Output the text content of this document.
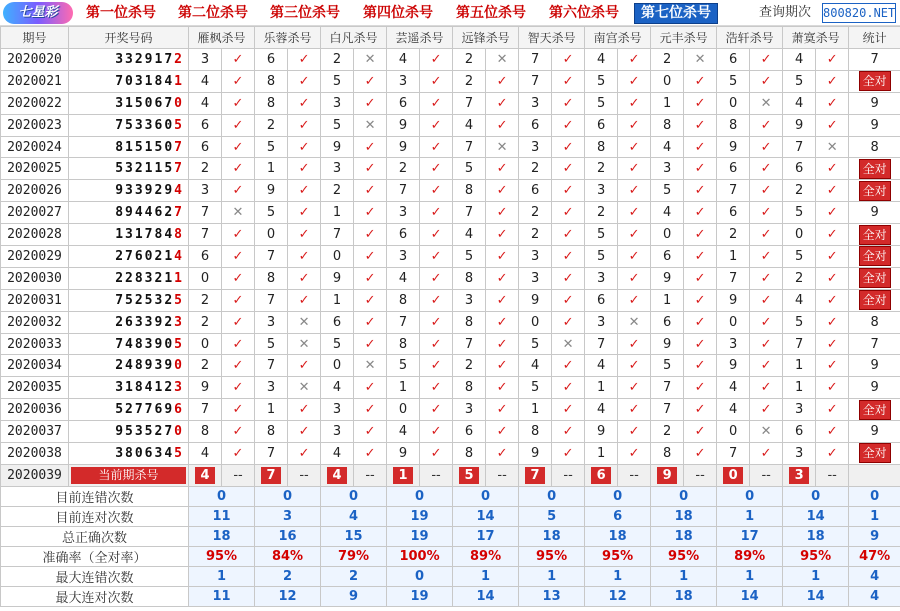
七星彩	第一位杀号 第二位杀号 第三位杀号 第四位杀号 第五位杀号 第六位杀号	第七位杀号	查询期次 800820.NET
期号	开奖号码	雁枫杀号		乐蓉杀号		白凡杀号		芸遥杀号		远锋杀号		智天杀号		南宫杀号		元丰杀号		浩轩杀号		萧寞杀号		统计
2020020	3329172	3	✓	6	✓	2	✕	4	✓	2	✕	7	✓	4	✓	2	✕	6	✓	4	✓	7
2020021	7031841	4	✓	8	✓	5	✓	3	✓	2	✓	7	✓	5	✓	0	✓	5	✓	5	✓	全对
2020022	3150670	4	✓	8	✓	3	✓	6	✓	7	✓	3	✓	5	✓	1	✓	0	✕	4	✓	9
2020023	7533605	6	✓	2	✓	5	✕	9	✓	4	✓	6	✓	6	✓	8	✓	8	✓	9	✓	9
2020024	8151507	6	✓	5	✓	9	✓	9	✓	7	✕	3	✓	8	✓	4	✓	9	✓	7	✕	8
2020025	5321157	2	✓	1	✓	3	✓	2	✓	5	✓	2	✓	2	✓	3	✓	6	✓	6	✓	全对
2020026	9339294	3	✓	9	✓	2	✓	7	✓	8	✓	6	✓	3	✓	5	✓	7	✓	2	✓	全对
2020027	8944627	7	✕	5	✓	1	✓	3	✓	7	✓	2	✓	2	✓	4	✓	6	✓	5	✓	9
2020028	1317848	7	✓	0	✓	7	✓	6	✓	4	✓	2	✓	5	✓	0	✓	2	✓	0	✓	全对
2020029	2760214	6	✓	7	✓	0	✓	3	✓	5	✓	3	✓	5	✓	6	✓	1	✓	5	✓	全对
2020030	2283211	0	✓	8	✓	9	✓	4	✓	8	✓	3	✓	3	✓	9	✓	7	✓	2	✓	全对
2020031	7525325	2	✓	7	✓	1	✓	8	✓	3	✓	9	✓	6	✓	1	✓	9	✓	4	✓	全对
2020032	2633923	2	✓	3	✕	6	✓	7	✓	8	✓	0	✓	3	✕	6	✓	0	✓	5	✓	8
2020033	7483905	0	✓	5	✕	5	✓	8	✓	7	✓	5	✕	7	✓	9	✓	3	✓	7	✓	7
2020034	2489390	2	✓	7	✓	0	✕	5	✓	2	✓	4	✓	4	✓	5	✓	9	✓	1	✓	9
2020035	3184123	9	✓	3	✕	4	✓	1	✓	8	✓	5	✓	1	✓	7	✓	4	✓	1	✓	9
2020036	5277696	7	✓	1	✓	3	✓	0	✓	3	✓	1	✓	4	✓	7	✓	4	✓	3	✓	全对
2020037	9535270	8	✓	8	✓	3	✓	4	✓	6	✓	8	✓	9	✓	2	✓	0	✕	6	✓	9
2020038	3806345	4	✓	7	✓	4	✓	9	✓	8	✓	9	✓	1	✓	8	✓	7	✓	3	✓	全对
2020039	当前期杀号	4	--	7	--	4	--	1	--	5	--	7	--	6	--	9	--	0	--	3	--	
目前连错次数		0		0		0		0		0		0		0		0		0		0		0
目前连对次数		11		3		4		19		14		5		6		18		1		14		1
总正确次数		18		16		15		19		17		18		18		18		17		18		9
准确率（全对率）		95%		84%		79%		100%		89%		95%		95%		95%		89%		95%		47%
最大连错次数		1		2		2		0		1		1		1		1		1		1		4
最大连对次数		11		12		9		19		14		13		12		18		14		14		4
